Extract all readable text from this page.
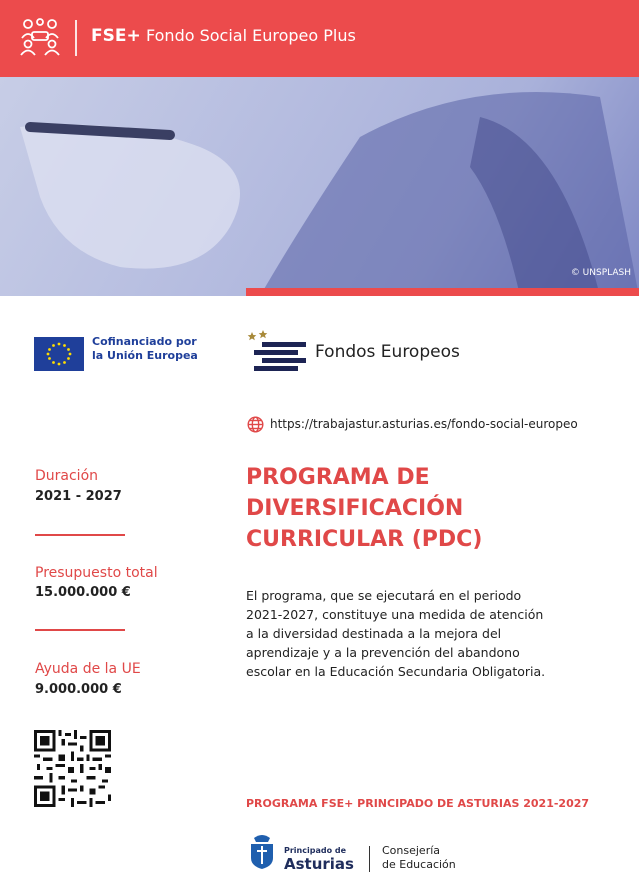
FSE+ Fondo Social Europeo Plus
© UNSPLASH
Cofinanciado por
la Unión Europea	Fondos Europeos
https://trabajastur.asturias.es/fondo-social-europeo
Duración
2021 - 2027
Presupuesto total
15.000.000 €
Ayuda de la UE
9.000.000 €
PROGRAMA DE
DIVERSIFICACIÓN
CURRICULAR (PDC)
El programa, que se ejecutará en el periodo
2021-2027, constituye una medida de atención
a la diversidad destinada a la mejora del
aprendizaje y a la prevención del abandono
escolar en la Educación Secundaria Obligatoria.
PROGRAMA FSE+ PRINCIPADO DE ASTURIAS 2021-2027
Principado de
Asturias
Consejería
de Educación
